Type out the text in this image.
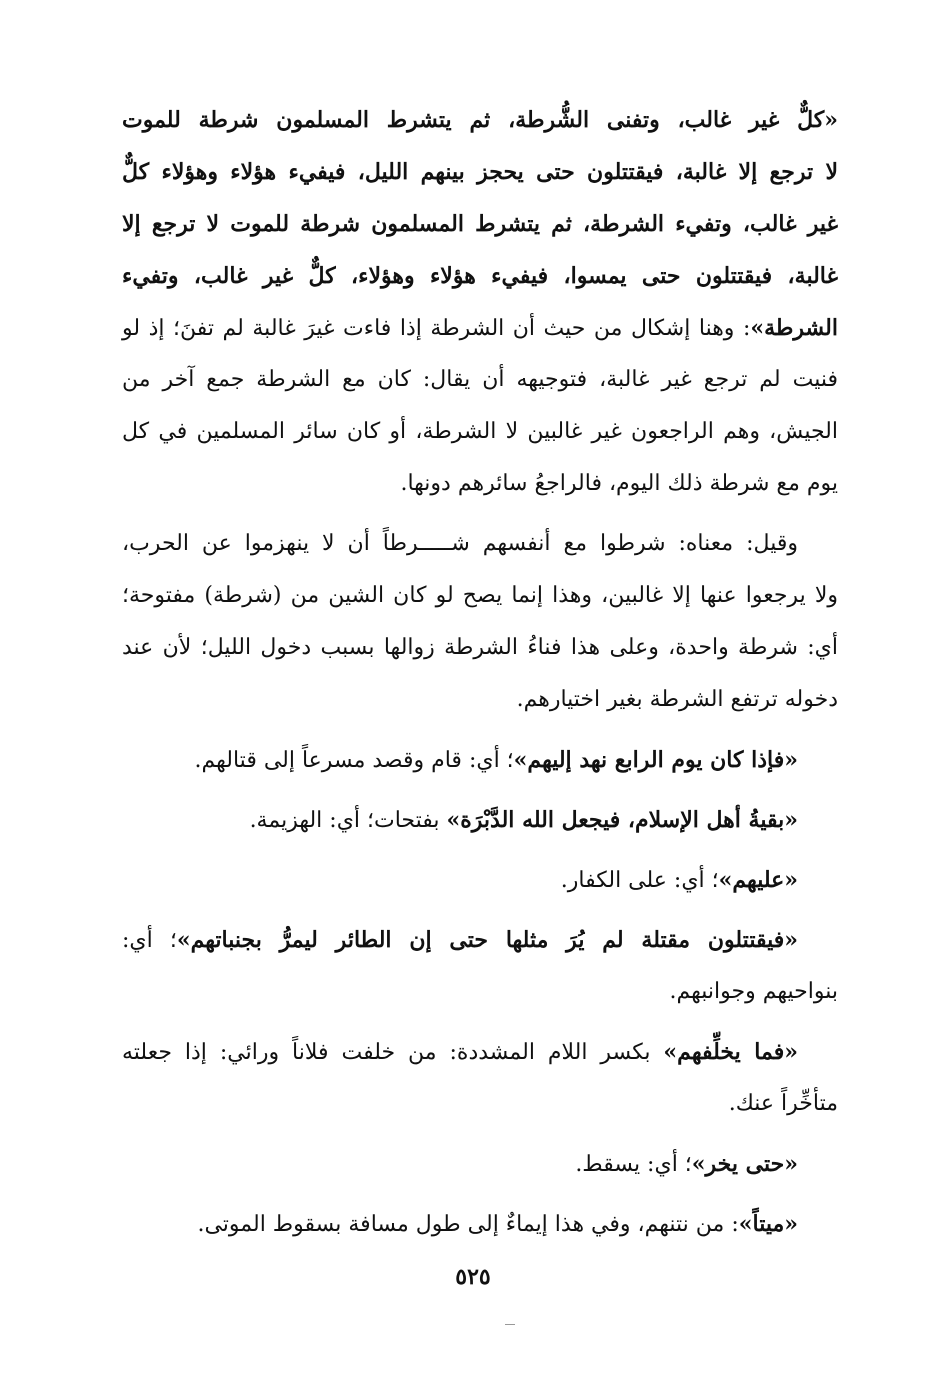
«كلٌّ غير غالب، وتفنى الشُّرطة، ثم يتشرط المسلمون شرطة للموت
لا ترجع إلا غالبة، فيقتتلون حتى يحجز بينهم الليل، فيفيء هؤلاء وهؤلاء كلٌّ
غير غالب، وتفيء الشرطة، ثم يتشرط المسلمون شرطة للموت لا ترجع إلا
غالبة، فيقتتلون حتى يمسوا، فيفيء هؤلاء وهؤلاء، كلٌّ غير غالب، وتفيء
الشرطة»: وهنا إشكال من حيث أن الشرطة إذا فاءت غيرَ غالبة لم تفنَ؛ إذ لو
فنيت لم ترجع غير غالبة، فتوجيهه أن يقال: كان مع الشرطة جمع آخر من
الجيش، وهم الراجعون غير غالبين لا الشرطة، أو كان سائر المسلمين في كل
يوم مع شرطة ذلك اليوم، فالراجعُ سائرهم دونها.
وقيل: معناه: شرطوا مع أنفسهم شـــــرطاً أن لا ينهزموا عن الحرب،
ولا يرجعوا عنها إلا غالبين، وهذا إنما يصح لو كان الشين من (شرطة) مفتوحة؛
أي: شرطة واحدة، وعلى هذا فناءُ الشرطة زوالها بسبب دخول الليل؛ لأن عند
دخوله ترتفع الشرطة بغير اختيارهم.
«فإذا كان يوم الرابع نهد إليهم»؛ أي: قام وقصد مسرعاً إلى قتالهم.
«بقيةُ أهل الإسلام، فيجعل الله الدَّبْرَة» بفتحات؛ أي: الهزيمة.
«عليهم»؛ أي: على الكفار.
«فيقتتلون مقتلة لم يُرَ مثلها حتى إن الطائر ليمرُّ بجنباتهم»؛ أي:
بنواحيهم وجوانبهم.
«فما يخلِّفهم» بكسر اللام المشددة: من خلفت فلاناً ورائي: إذا جعلته
متأخِّراً عنك.
«حتى يخر»؛ أي: يسقط.
«ميتاً»: من نتنهم، وفي هذا إيماءٌ إلى طول مسافة بسقوط الموتى.
٥٢٥
